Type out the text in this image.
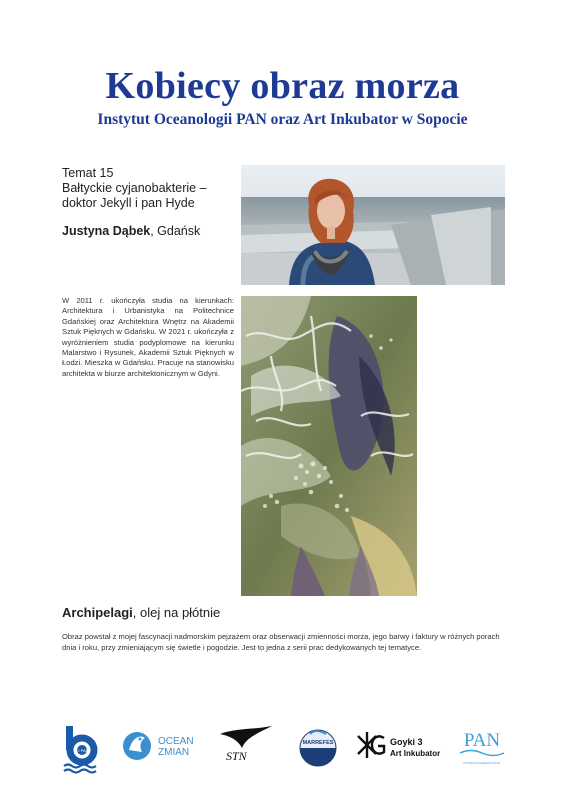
Kobiecy obraz morza
Instytut Oceanologii PAN oraz Art Inkubator w Sopocie
Temat 15
Bałtyckie cyjanobakterie – doktor Jekyll i pan Hyde
Justyna Dąbek, Gdańsk
W 2011 r. ukończyła studia na kierunkach: Architektura i Urbanistyka na Politechnice Gdańskiej oraz Architektura Wnętrz na Akademii Sztuk Pięknych w Gdańsku. W 2021 r. ukończyła z wyróżnieniem studia podyplomowe na kierunku Malarstwo i Rysunek, Akademii Sztuk Pięknych w Łodzi. Mieszka w Gdańsku. Pracuje na stanowisku architekta w biurze architektonicznym w Gdyni.
Archipelagi, olej na płótnie
Obraz powstał z mojej fascynacji nadmorskim pejzażem oraz obserwacji zmienności morza, jego barwy i faktury w różnych porach dnia i roku, przy zmieniającym się świetle i pogodzie. Jest to jedna z serii prac dedykowanych tej tematyce.
IO PAN
OCEAN
ZMIAN	STN
MARREFES	Goyki 3
Art Inkubator
PAN
POLSKA AKADEMIA NAUK
